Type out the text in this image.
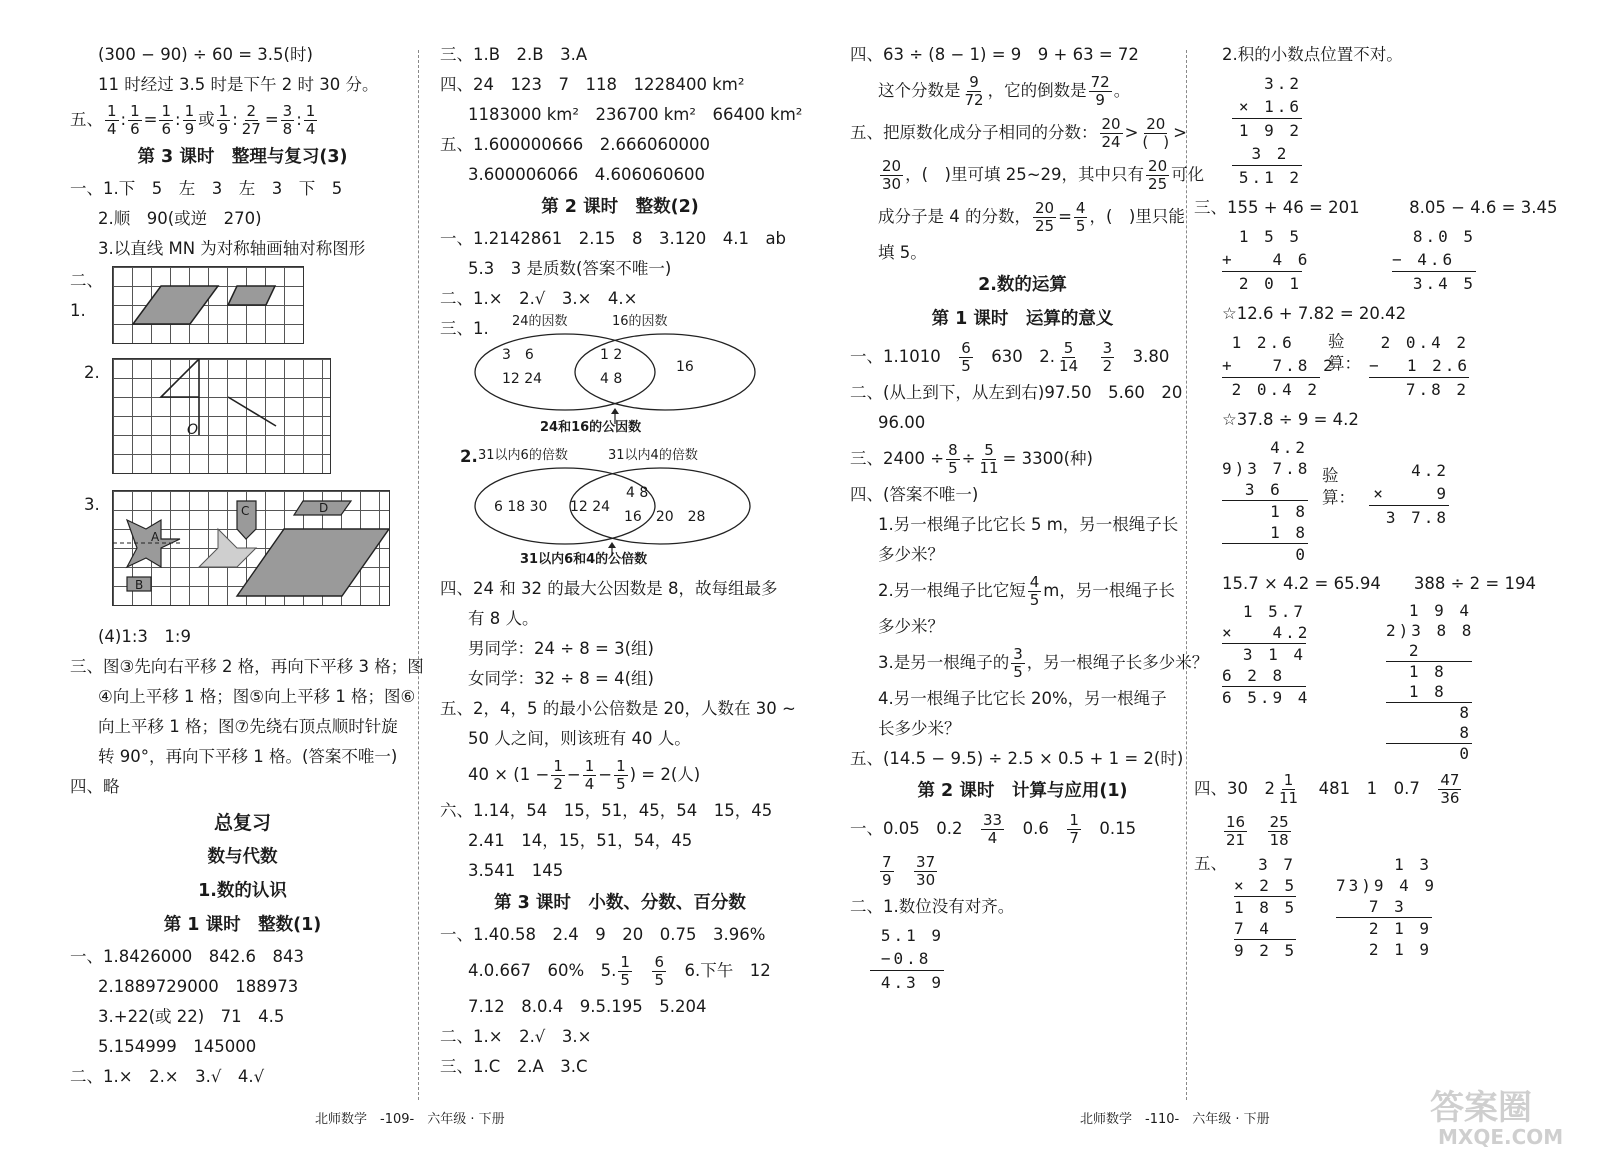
(300 − 90) ÷ 60 = 3.5(时)
11 时经过 3.5 时是下午 2 时 30 分。
五、 $\frac{1}{4}$ : $\frac{1}{6} = \frac{1}{6}$ : $\frac{1}{9}$ 或 $\frac{1}{9}$ : $\frac{2}{27} = \frac{3}{8}$ : $\frac{1}{4}$
第 3 课时　整理与复习(3)
一、1.下　5　左　3　左　3　下　5
2.顺　90(或逆　270)
3.以直线 MN 为对称轴画轴对称图形
二、1.
2.
O
3.
A
B
C	D
(4)1:3　1:9
三、图③先向右平移 2 格，再向下平移 3 格；图
④向上平移 1 格；图⑤向上平移 1 格；图⑥
向上平移 1 格；图⑦先绕右顶点顺时针旋
转 90°，再向下平移 1 格。(答案不唯一)
四、略
总复习
数与代数
1.数的认识
第 1 课时　整数(1)
一、1.8426000　842.6　843
2.1889729000　188973
3.+22(或 22)　71　4.5
5.154999　145000
二、1.×　2.×　3.√　4.√
三、1.B　2.B　3.A
四、24　123　7　118　1228400 km²
1183000 km²　236700 km²　66400 km²
五、1.600000666　2.666060000
3.600006066　4.606060600
第 2 课时　整数(2)
一、1.2142861　2.15　8　3.120　4.1　ab
5.3　3 是质数(答案不唯一)
二、1.×　2.√　3.×　4.×
三、1. 24的因数	16的因数
3　6
12 24
1 2
4 8
16
24和16的公因数
2. 31以内6的倍数	31以内4的倍数
6 18 30 12 24
4 8
16　20　28
31以内6和4的公倍数
四、24 和 32 的最大公因数是 8，故每组最多
有 8 人。
男同学：24 ÷ 8 = 3(组)
女同学：32 ÷ 8 = 4(组)
五、2，4，5 的最小公倍数是 20，人数在 30 ~
50 人之间，则该班有 40 人。
$40 \times (1 - \frac{1}{2} - \frac{1}{4} - \frac{1}{5}$ ) = 2(人)
六、1.14，54　15，51，45，54　15，45
2.41　14，15，51，54，45
3.541　145
第 3 课时　小数、分数、百分数
一、1.40.58　2.4　9　20　0.75　3.96%
4.0.667　60%　5. $\frac{1}{5}$
　 $\frac{6}{5}$
　 6.下午　12
7.12　8.0.4　9.5.195　5.204
二、1.×　2.√　3.×
三、1.C　2.A　3.C
四、63 ÷ (8 − 1) = 9　9 + 63 = 72
这个分数是 $\frac{9}{72}$ ，它的倒数是 $\frac{72}{9}$ 。
五、把原数化成分子相同的分数： $\frac{20}{24} > 20$
(　) >
$\frac{20}{30}$ ，(　)里可填 25~29，其中只有 $\frac{20}{25}$ 可化
成分子是 4 的分数， $\frac{20}{25} = \frac{4}{5}$ ，(　)里只能
填 5。
2.数的运算
第 1 课时　运算的意义
一、1.1010　 $\frac{6}{5}$
　 630　2. $\frac{5}{14}$
　 $\frac{3}{2}$
　 3.80
二、(从上到下，从左到右)97.50　5.60　20
96.00
三、$2400 \div \frac{8}{5} \div \frac{5}{11} = 3300$(种)
四、(答案不唯一)
1.另一根绳子比它长 5 m，另一根绳子长
多少米？
2.另一根绳子比它短 $\frac{4}{5}$ m，另一根绳子长
多少米？
3.是另一根绳子的 $\frac{3}{5}$ ，另一根绳子长多少米？
4.另一根绳子比它长 20%，另一根绳子
长多少米？
五、(14.5 − 9.5) ÷ 2.5 × 0.5 + 1 = 2(时)
第 2 课时　计算与应用(1)
一、0.05　0.2　 $\frac{33}{4}$
　 0.6　 $\frac{1}{7}$
　 0.15
$\frac{7}{9}$
　 $\frac{37}{30}$
二、1.数位没有对齐。
5.1 9
−0.8
4.3 9
2.积的小数点位置不对。
3.2
× 1.6
1 9 2
3 2
5.1 2
三、155 + 46 = 201　　　8.05 − 4.6 = 3.45
1 5 5
+   4 6
2 0 1
8.0 5
− 4.6
3.4 5
☆12.6 + 7.82 = 20.42
1 2.6
+   7.8 2
2 0.4 2
验
算：
2 0.4 2
−  1 2.6
7.8 2
☆37.8 ÷ 9 = 4.2
4.2
9)3 7.8
3 6
1 8
1 8
0
验
算：
4.2
×    9
3 7.8
15.7 × 4.2 = 65.94　　388 ÷ 2 = 194
1 5.7
×   4.2
3 1 4
6 2 8
6 5.9 4
1 9 4
2)3 8 8
2
1 8
1 8
8
8
0
四、30　$2 \frac{1}{11}$
　 481　1　0.7　 $\frac{47}{36}$
$\frac{16}{21}$
　 $\frac{25}{18}$
五、	3 7
× 2 5
1 8 5
7 4
9 2 5
1 3
73)9 4 9
7 3
2 1 9
2 1 9
北师数学　-109-　六年级 · 下册	北师数学　-110-　六年级 · 下册	答案圈
MXQE.COM
